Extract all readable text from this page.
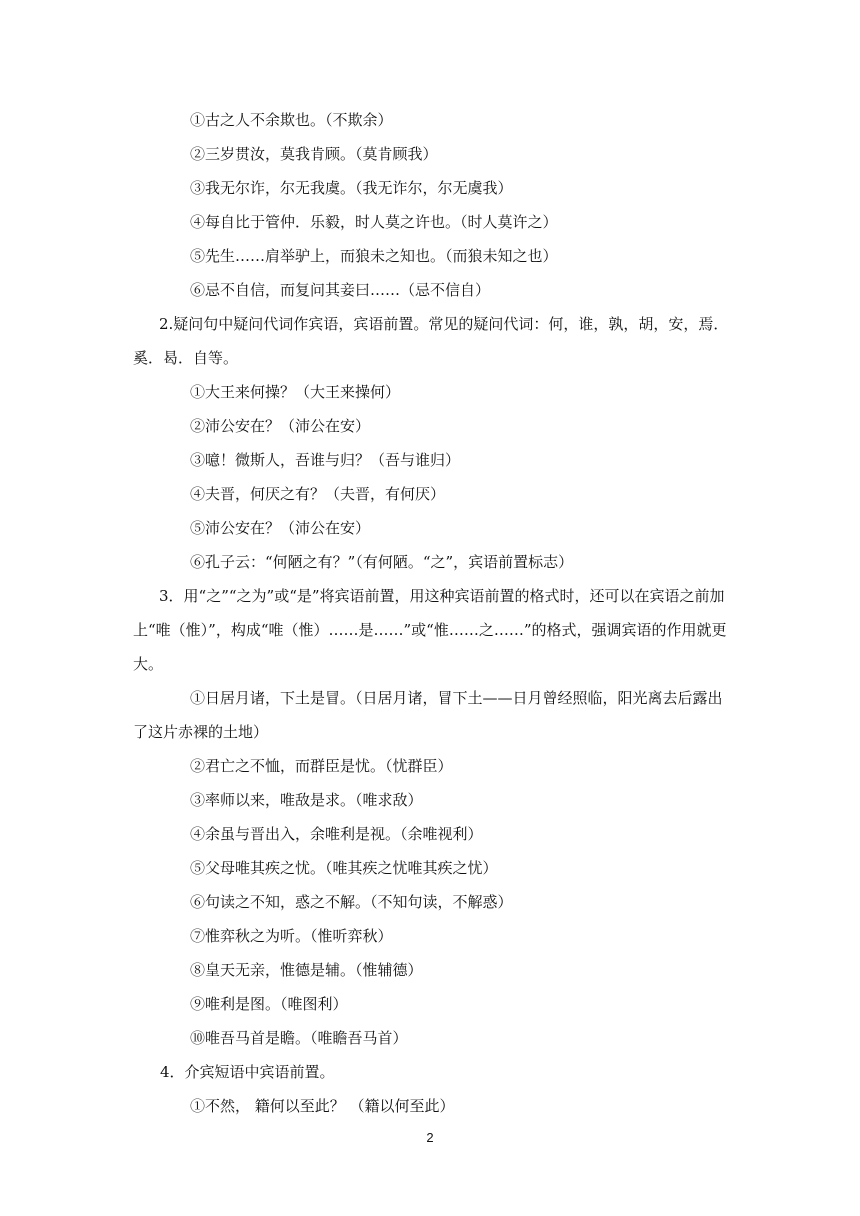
①古之人不余欺也。（不欺余）
②三岁贯汝，莫我肯顾。（莫肯顾我）
③我无尔诈，尔无我虞。（我无诈尔，尔无虞我）
④每自比于管仲．乐毅，时人莫之许也。（时人莫许之）
⑤先生……肩举驴上，而狼未之知也。（而狼未知之也）
⑥忌不自信，而复问其妾曰……（忌不信自）
2.疑问句中疑问代词作宾语，宾语前置。常见的疑问代词：何，谁，孰，胡，安，焉．奚．曷．自等。
①大王来何操？（大王来操何）
②沛公安在？（沛公在安）
③噫！微斯人，吾谁与归？（吾与谁归）
④夫晋，何厌之有？（夫晋，有何厌）
⑤沛公安在？（沛公在安）
⑥孔子云：“何陋之有？”（有何陋。“之”，宾语前置标志）
3．用“之”“之为”或“是”将宾语前置，用这种宾语前置的格式时，还可以在宾语之前加上“唯（惟）”，构成“唯（惟）……是……”或“惟……之……”的格式，强调宾语的作用就更大。
①日居月诸，下土是冒。（日居月诸，冒下土——日月曾经照临，阳光离去后露出
了这片赤裸的土地）
②君亡之不恤，而群臣是忧。（忧群臣）
③率师以来，唯敌是求。（唯求敌）
④余虽与晋出入，余唯利是视。（余唯视利）
⑤父母唯其疾之忧。（唯其疾之忧唯其疾之忧）
⑥句读之不知，惑之不解。（不知句读，不解惑）
⑦惟弈秋之为听。（惟听弈秋）
⑧皇天无亲，惟德是辅。（惟辅德）
⑨唯利是图。（唯图利）
⑩唯吾马首是瞻。（唯瞻吾马首）
4．介宾短语中宾语前置。
①不然， 籍何以至此？ （籍以何至此）
2
